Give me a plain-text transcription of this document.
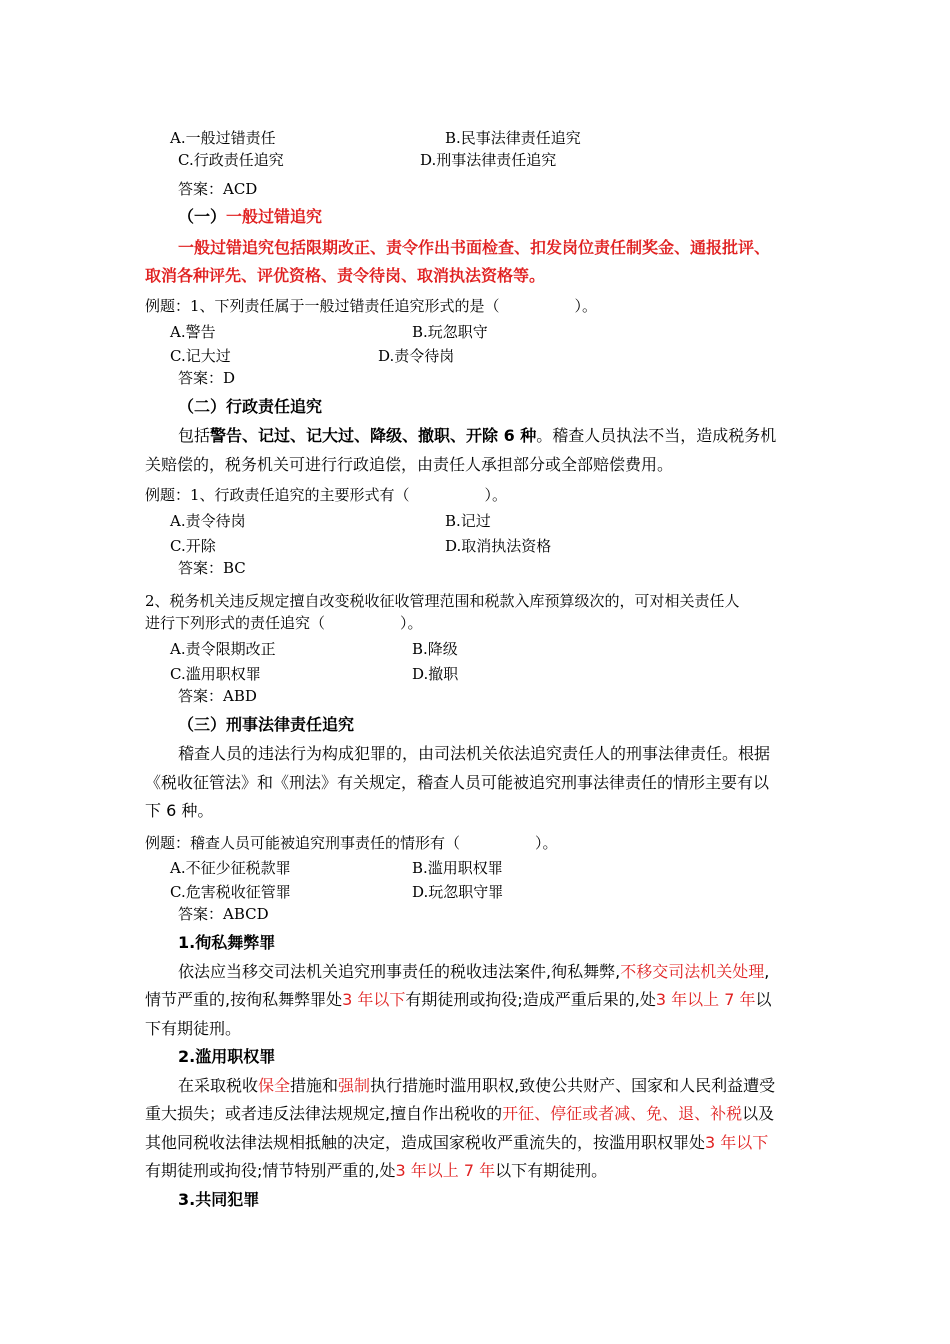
A.一般过错责任	B.民事法律责任追究
C.行政责任追究	D.刑事法律责任追究
答案：ACD
（一）一般过错追究
一般过错追究包括限期改正、责令作出书面检查、扣发岗位责任制奖金、通报批评、
取消各种评先、评优资格、责令待岗、取消执法资格等。
例题：1、下列责任属于一般过错责任追究形式的是（　　　　　）。
A.警告	B.玩忽职守
C.记大过	D.责令待岗
答案：D
（二）行政责任追究
包括警告、记过、记大过、降级、撤职、开除 6 种。稽查人员执法不当，造成税务机
关赔偿的，税务机关可进行行政追偿，由责任人承担部分或全部赔偿费用。
例题：1、行政责任追究的主要形式有（　　　　　）。
A.责令待岗	B.记过
C.开除	D.取消执法资格
答案：BC
2、税务机关违反规定擅自改变税收征收管理范围和税款入库预算级次的，可对相关责任人
进行下列形式的责任追究（　　　　　）。
A.责令限期改正	B.降级
C.滥用职权罪	D.撤职
答案：ABD
（三）刑事法律责任追究
稽查人员的违法行为构成犯罪的，由司法机关依法追究责任人的刑事法律责任。根据
《税收征管法》和《刑法》有关规定，稽查人员可能被追究刑事法律责任的情形主要有以
下 6 种。
例题：稽查人员可能被追究刑事责任的情形有（　　　　　）。
A.不征少征税款罪	B.滥用职权罪
C.危害税收征管罪	D.玩忽职守罪
答案：ABCD
1.徇私舞弊罪
依法应当移交司法机关追究刑事责任的税收违法案件,徇私舞弊,不移交司法机关处理,
情节严重的,按徇私舞弊罪处3 年以下有期徒刑或拘役;造成严重后果的,处3 年以上 7 年以
下有期徒刑。
2.滥用职权罪
在采取税收保全措施和强制执行措施时滥用职权,致使公共财产、国家和人民利益遭受
重大损失；或者违反法律法规规定,擅自作出税收的开征、停征或者减、免、退、补税以及
其他同税收法律法规相抵触的决定，造成国家税收严重流失的，按滥用职权罪处3 年以下
有期徒刑或拘役;情节特别严重的,处3 年以上 7 年以下有期徒刑。
3.共同犯罪
